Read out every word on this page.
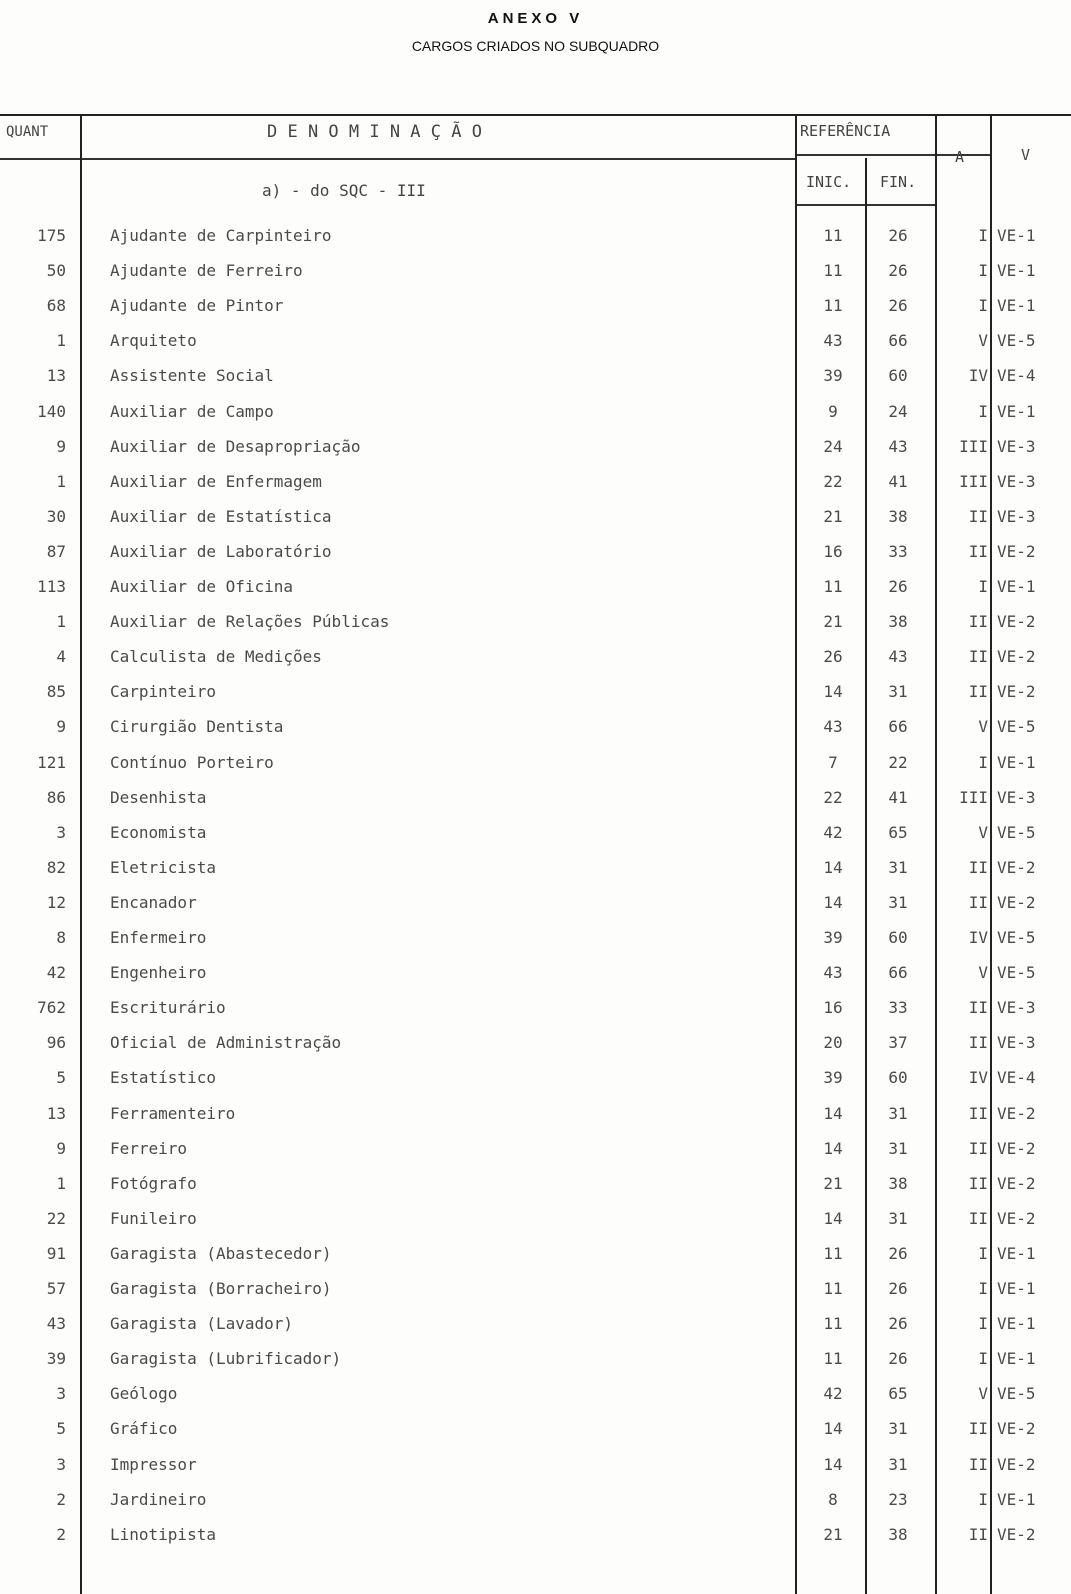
ANEXO V
CARGOS CRIADOS NO SUBQUADRO
QUANT	D E N O M I N A Ç Ã O	REFERÊNCIA
A	V
INIC. FIN.
a) - do SQC - III
175	Ajudante de Carpinteiro	11	26	I VE-1
50	Ajudante de Ferreiro	11	26	I VE-1
68	Ajudante de Pintor	11	26	I VE-1
1	Arquiteto	43	66	V VE-5
13	Assistente Social	39	60	IV VE-4
140	Auxiliar de Campo	9	24	I VE-1
9	Auxiliar de Desapropriação	24	43	III VE-3
1	Auxiliar de Enfermagem	22	41	III VE-3
30	Auxiliar de Estatística	21	38	II VE-3
87	Auxiliar de Laboratório	16	33	II VE-2
113	Auxiliar de Oficina	11	26	I VE-1
1	Auxiliar de Relações Públicas	21	38	II VE-2
4	Calculista de Medições	26	43	II VE-2
85	Carpinteiro	14	31	II VE-2
9	Cirurgião Dentista	43	66	V VE-5
121	Contínuo Porteiro	7	22	I VE-1
86	Desenhista	22	41	III VE-3
3	Economista	42	65	V VE-5
82	Eletricista	14	31	II VE-2
12	Encanador	14	31	II VE-2
8	Enfermeiro	39	60	IV VE-5
42	Engenheiro	43	66	V VE-5
762	Escriturário	16	33	II VE-3
96	Oficial de Administração	20	37	II VE-3
5	Estatístico	39	60	IV VE-4
13	Ferramenteiro	14	31	II VE-2
9	Ferreiro	14	31	II VE-2
1	Fotógrafo	21	38	II VE-2
22	Funileiro	14	31	II VE-2
91	Garagista (Abastecedor)	11	26	I VE-1
57	Garagista (Borracheiro)	11	26	I VE-1
43	Garagista (Lavador)	11	26	I VE-1
39	Garagista (Lubrificador)	11	26	I VE-1
3	Geólogo	42	65	V VE-5
5	Gráfico	14	31	II VE-2
3	Impressor	14	31	II VE-2
2	Jardineiro	8	23	I VE-1
2	Linotipista	21	38	II VE-2
